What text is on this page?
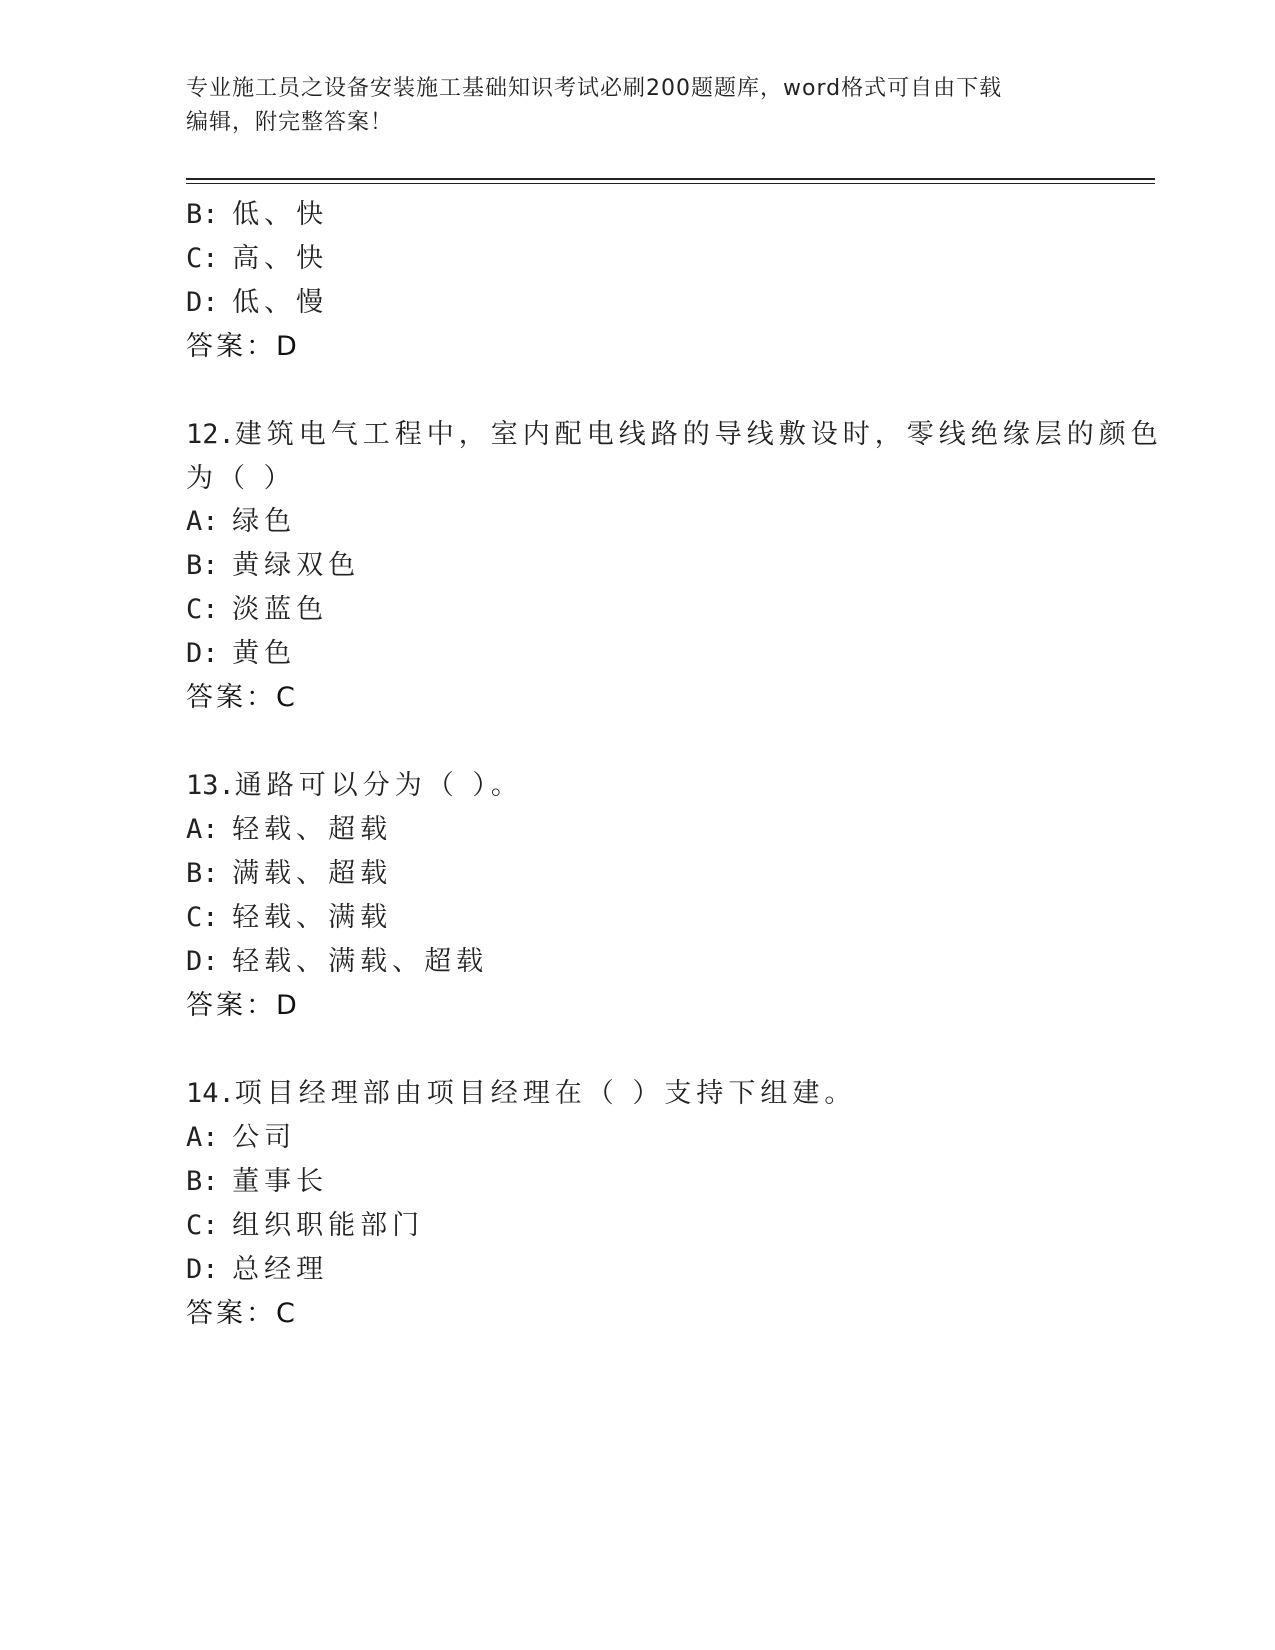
专业施工员之设备安装施工基础知识考试必刷200题题库，word格式可自由下载
编辑，附完整答案！
B: 低、快
C: 高、快
D: 低、慢
答案：D
12.建筑电气工程中，室内配电线路的导线敷设时，零线绝缘层的颜色
为（ ）
A: 绿色
B: 黄绿双色
C: 淡蓝色
D: 黄色
答案：C
13.通路可以分为（ ）。
A: 轻载、超载
B: 满载、超载
C: 轻载、满载
D: 轻载、满载、超载
答案：D
14.项目经理部由项目经理在（ ）支持下组建。
A: 公司
B: 董事长
C: 组织职能部门
D: 总经理
答案：C
